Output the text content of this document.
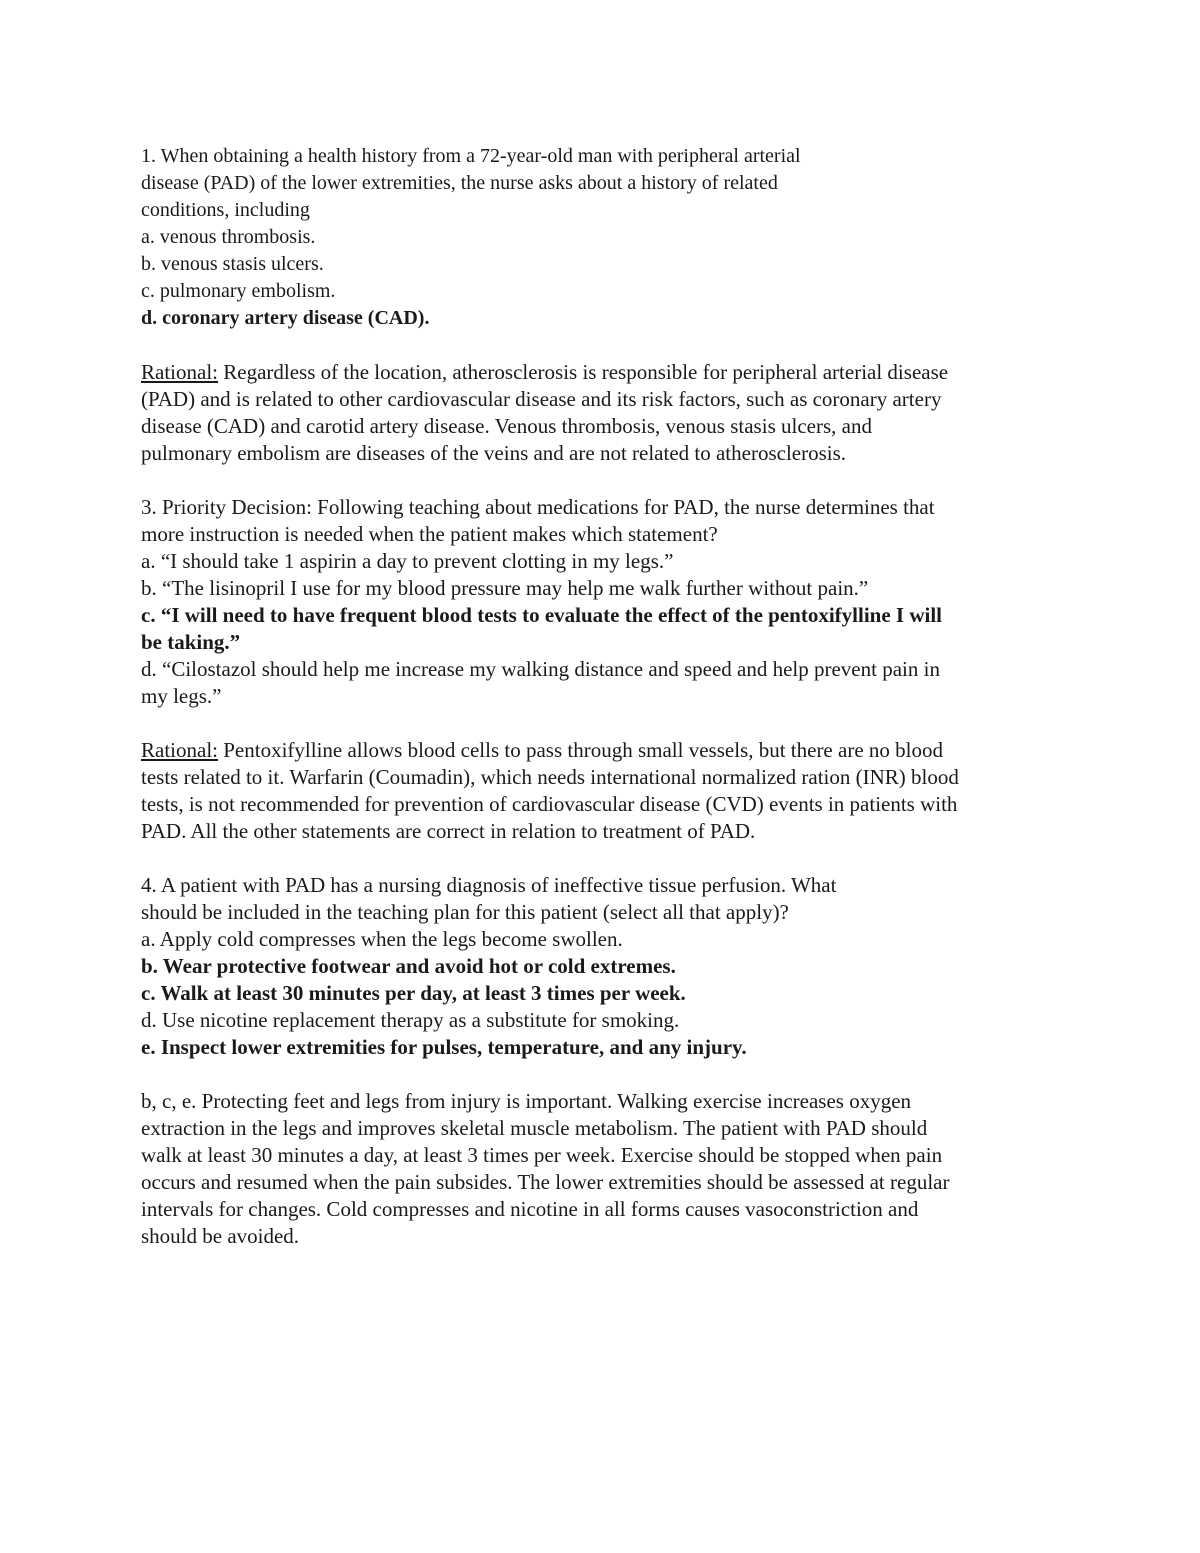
1. When obtaining a health history from a 72-year-old man with peripheral arterial
disease (PAD) of the lower extremities, the nurse asks about a history of related
conditions, including
a. venous thrombosis.
b. venous stasis ulcers.
c. pulmonary embolism.
d. coronary artery disease (CAD).
Rational: Regardless of the location, atherosclerosis is responsible for peripheral arterial disease
(PAD) and is related to other cardiovascular disease and its risk factors, such as coronary artery
disease (CAD) and carotid artery disease. Venous thrombosis, venous stasis ulcers, and
pulmonary embolism are diseases of the veins and are not related to atherosclerosis.
3. Priority Decision: Following teaching about medications for PAD, the nurse determines that
more instruction is needed when the patient makes which statement?
a. “I should take 1 aspirin a day to prevent clotting in my legs.”
b. “The lisinopril I use for my blood pressure may help me walk further without pain.”
c. “I will need to have frequent blood tests to evaluate the effect of the pentoxifylline I will
be taking.”
d. “Cilostazol should help me increase my walking distance and speed and help prevent pain in
my legs.”
Rational: Pentoxifylline allows blood cells to pass through small vessels, but there are no blood
tests related to it. Warfarin (Coumadin), which needs international normalized ration (INR) blood
tests, is not recommended for prevention of cardiovascular disease (CVD) events in patients with
PAD. All the other statements are correct in relation to treatment of PAD.
4. A patient with PAD has a nursing diagnosis of ineffective tissue perfusion. What
should be included in the teaching plan for this patient (select all that apply)?
a. Apply cold compresses when the legs become swollen.
b. Wear protective footwear and avoid hot or cold extremes.
c. Walk at least 30 minutes per day, at least 3 times per week.
d. Use nicotine replacement therapy as a substitute for smoking.
e. Inspect lower extremities for pulses, temperature, and any injury.
b, c, e. Protecting feet and legs from injury is important. Walking exercise increases oxygen
extraction in the legs and improves skeletal muscle metabolism. The patient with PAD should
walk at least 30 minutes a day, at least 3 times per week. Exercise should be stopped when pain
occurs and resumed when the pain subsides. The lower extremities should be assessed at regular
intervals for changes. Cold compresses and nicotine in all forms causes vasoconstriction and
should be avoided.
